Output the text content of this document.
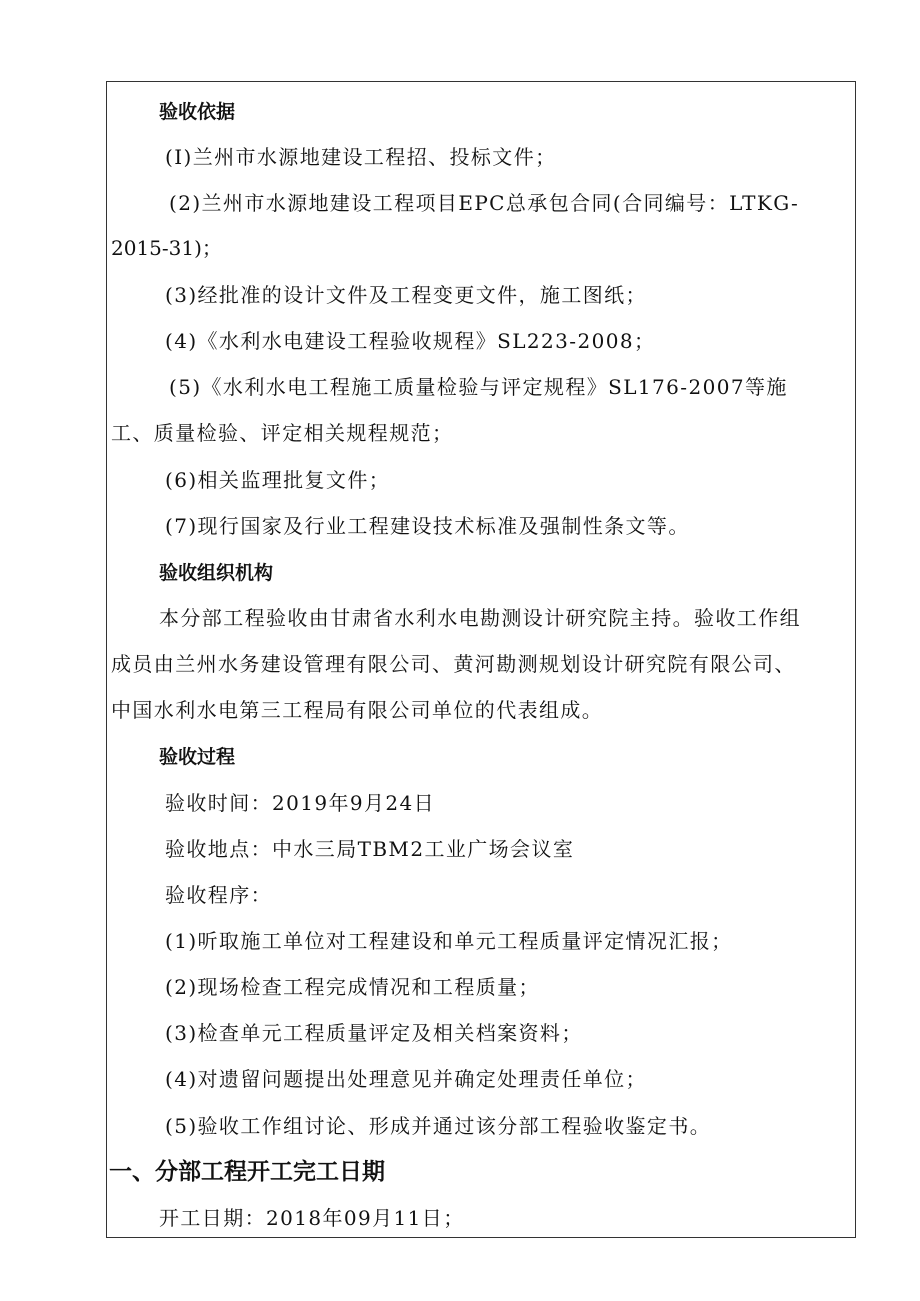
验收依据
(I)兰州市水源地建设工程招、投标文件；
(2)兰州市水源地建设工程项目EPC总承包合同(合同编号：LTKG-
2015-31)；
(3)经批准的设计文件及工程变更文件，施工图纸；
(4)《水利水电建设工程验收规程》SL223-2008；
(5)《水利水电工程施工质量检验与评定规程》SL176-2007等施
工、质量检验、评定相关规程规范；
(6)相关监理批复文件；
(7)现行国家及行业工程建设技术标准及强制性条文等。
验收组织机构
本分部工程验收由甘肃省水利水电勘测设计研究院主持。验收工作组
成员由兰州水务建设管理有限公司、黄河勘测规划设计研究院有限公司、
中国水利水电第三工程局有限公司单位的代表组成。
验收过程
验收时间：2019年9月24日
验收地点：中水三局TBM2工业广场会议室
验收程序：
(1)听取施工单位对工程建设和单元工程质量评定情况汇报；
(2)现场检查工程完成情况和工程质量；
(3)检查单元工程质量评定及相关档案资料；
(4)对遗留问题提出处理意见并确定处理责任单位；
(5)验收工作组讨论、形成并通过该分部工程验收鉴定书。
一、分部工程开工完工日期
开工日期：2018年09月11日；
